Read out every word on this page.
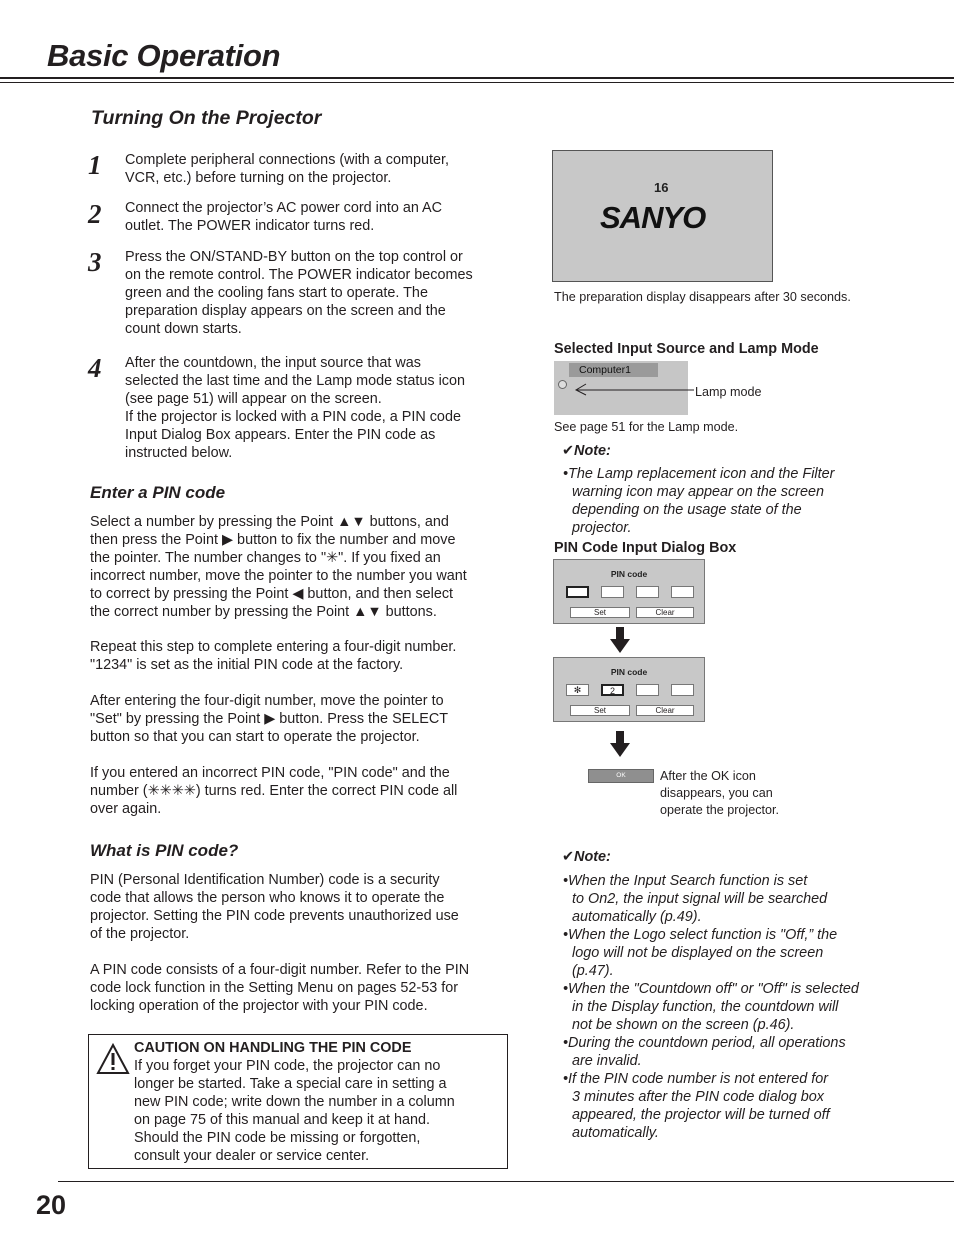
Basic Operation
Turning On the Projector
1 Complete peripheral connections (with a computer,
VCR, etc.) before turning on the projector.
2 Connect the projector’s AC power cord into an AC
outlet. The POWER indicator turns red.
3 Press the ON/STAND-BY button on the top control or
on the remote control. The POWER indicator becomes
green and the cooling fans start to operate. The
preparation display appears on the screen and the
count down starts.
4 After the countdown, the input source that was
selected the last time and the Lamp mode status icon
(see page 51) will appear on the screen.
If the projector is locked with a PIN code, a PIN code
Input Dialog Box appears. Enter the PIN code as
instructed below.
Enter a PIN code
Select a number by pressing the Point ▲▼ buttons, and
then press the Point ▶ button to fix the number and move
the pointer. The number changes to "✳". If you fixed an
incorrect number, move the pointer to the number you want
to correct by pressing the Point ◀ button, and then select
the correct number by pressing the Point ▲▼ buttons.
Repeat this step to complete entering a four-digit number.
"1234" is set as the initial PIN code at the factory.
After entering the four-digit number, move the pointer to
"Set" by pressing the Point ▶ button. Press the SELECT
button so that you can start to operate the projector.
If you entered an incorrect PIN code, "PIN code" and the
number (✳✳✳✳) turns red. Enter the correct PIN code all
over again.
What is PIN code?
PIN (Personal Identification Number) code is a security
code that allows the person who knows it to operate the
projector. Setting the PIN code prevents unauthorized use
of the projector.
A PIN code consists of a four-digit number. Refer to the PIN
code lock function in the Setting Menu on pages 52-53 for
locking operation of the projector with your PIN code.
CAUTION ON HANDLING THE PIN CODE
If you forget your PIN code, the projector can no
longer be started. Take a special care in setting a
new PIN code; write down the number in a column
on page 75 of this manual and keep it at hand.
Should the PIN code be missing or forgotten,
consult your dealer or service center.
16
SANYO
The preparation display disappears after 30 seconds.
Selected Input Source and Lamp Mode
Computer1
Lamp mode
See page 51 for the Lamp mode.
✔Note:
•The Lamp replacement icon and the Filter
warning icon may appear on the screen
depending on the usage state of the
projector.
PIN Code Input Dialog Box
PIN code
Set	Clear
PIN code
✻	2
Set	Clear
OK	After the OK icon
disappears, you can
operate the projector.
✔Note:
•When the Input Search function is set
to On2, the input signal will be searched
automatically (p.49).
•When the Logo select function is "Off,” the
logo will not be displayed on the screen
(p.47).
•When the "Countdown off" or "Off" is selected
in the Display function, the countdown will
not be shown on the screen (p.46).
•During the countdown period, all operations
are invalid.
•If the PIN code number is not entered for
3 minutes after the PIN code dialog box
appeared, the projector will be turned off
automatically.
20
